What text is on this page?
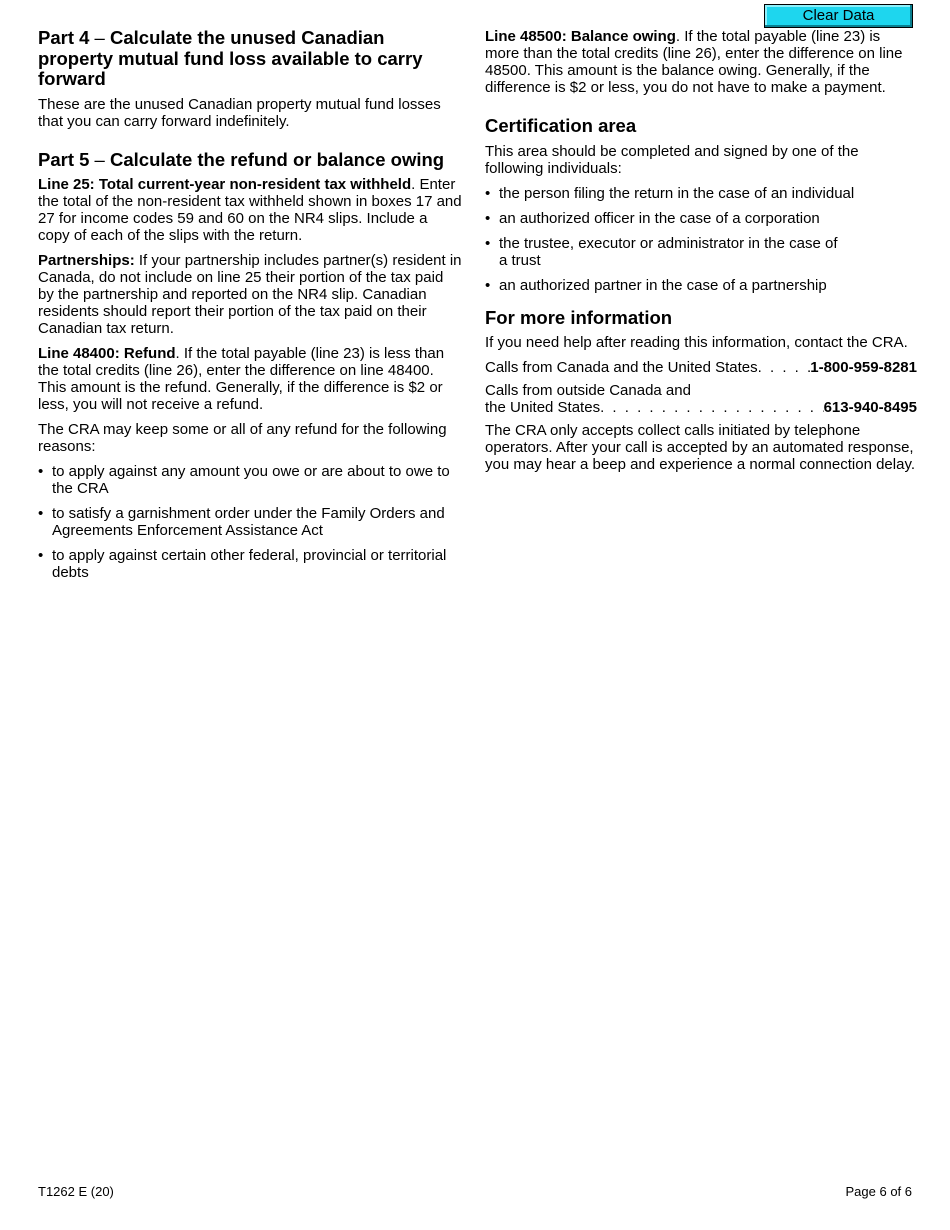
Clear Data
Part 4 – Calculate the unused Canadian property mutual fund loss available to carry forward

These are the unused Canadian property mutual fund losses that you can carry forward indefinitely.

Part 5 – Calculate the refund or balance owing

Line 25: Total current-year non-resident tax withheld. Enter the total of the non-resident tax withheld shown in boxes 17 and 27 for income codes 59 and 60 on the NR4 slips. Include a copy of each of the slips with the return.

Partnerships: If your partnership includes partner(s) resident in Canada, do not include on line 25 their portion of the tax paid by the partnership and reported on the NR4 slip. Canadian residents should report their portion of the tax paid on their Canadian tax return.

Line 48400: Refund. If the total payable (line 23) is less than the total credits (line 26), enter the difference on line 48400. This amount is the refund. Generally, if the difference is $2 or less, you will not receive a refund.

The CRA may keep some or all of any refund for the following reasons:

• to apply against any amount you owe or are about to owe to the CRA
• to satisfy a garnishment order under the Family Orders and Agreements Enforcement Assistance Act
• to apply against certain other federal, provincial or territorial debts

Line 48500: Balance owing. If the total payable (line 23) is more than the total credits (line 26), enter the difference on line 48500. This amount is the balance owing. Generally, if the difference is $2 or less, you do not have to make a payment.

Certification area

This area should be completed and signed by one of the following individuals:

• the person filing the return in the case of an individual
• an authorized officer in the case of a corporation
• the trustee, executor or administrator in the case of a trust
• an authorized partner in the case of a partnership
For more information

If you need help after reading this information, contact the CRA.

Calls from Canada and the United States . . .	1-800-959-8281
Calls from outside Canada and
the United States . . .	613-940-8495

The CRA only accepts collect calls initiated by telephone operators. After your call is accepted by an automated response, you may hear a beep and experience a normal connection delay.

T1262 E (20)	Page 6 of 6
